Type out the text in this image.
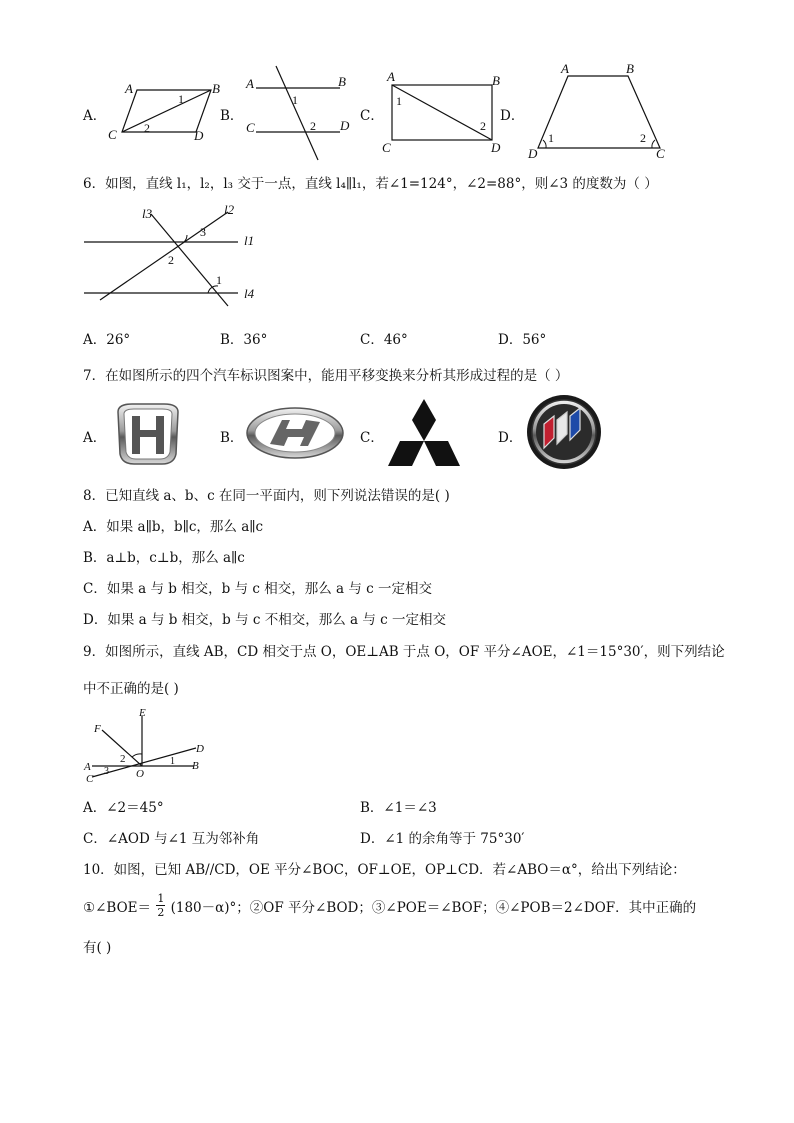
A．
A	B
C	D
1
2
B．
A	B
C	D
1
2
C．
A	B
C	D
1
2
D．
A	B
D	C
1	2
6．如图，直线 l₁，l₂，l₃ 交于一点，直线 l₄∥l₁，若∠1=124°，∠2=88°，则∠3 的度数为（ ）
l3	l2
l1
l4
3
2
1
A．26°	B．36°	C．46°	D．56°
7．在如图所示的四个汽车标识图案中，能用平移变换来分析其形成过程的是（ ）
A．	B．	C．	D．
8．已知直线 a、b、c 在同一平面内，则下列说法错误的是( )
A．如果 a∥b，b∥c，那么 a∥c
B．a⊥b，c⊥b，那么 a∥c
C．如果 a 与 b 相交，b 与 c 相交，那么 a 与 c 一定相交
D．如果 a 与 b 相交，b 与 c 不相交，那么 a 与 c 一定相交
9．如图所示，直线 AB，CD 相交于点 O，OE⊥AB 于点 O，OF 平分∠AOE，∠1＝15°30′，则下列结论
中不正确的是( )
E
F
D
A
C
B
O
2
3
1
A．∠2＝45°	B．∠1＝∠3
C．∠AOD 与∠1 互为邻补角	D．∠1 的余角等于 75°30′
10．如图，已知 AB//CD，OE 平分∠BOC，OF⊥OE，OP⊥CD．若∠ABO＝α°，给出下列结论：
①∠BOE＝ $\frac{1}{2} (180-\alpha)^\circ$；②OF 平分∠BOD；③∠POE＝∠BOF；④∠POB＝2∠DOF．其中正确的
有( )
